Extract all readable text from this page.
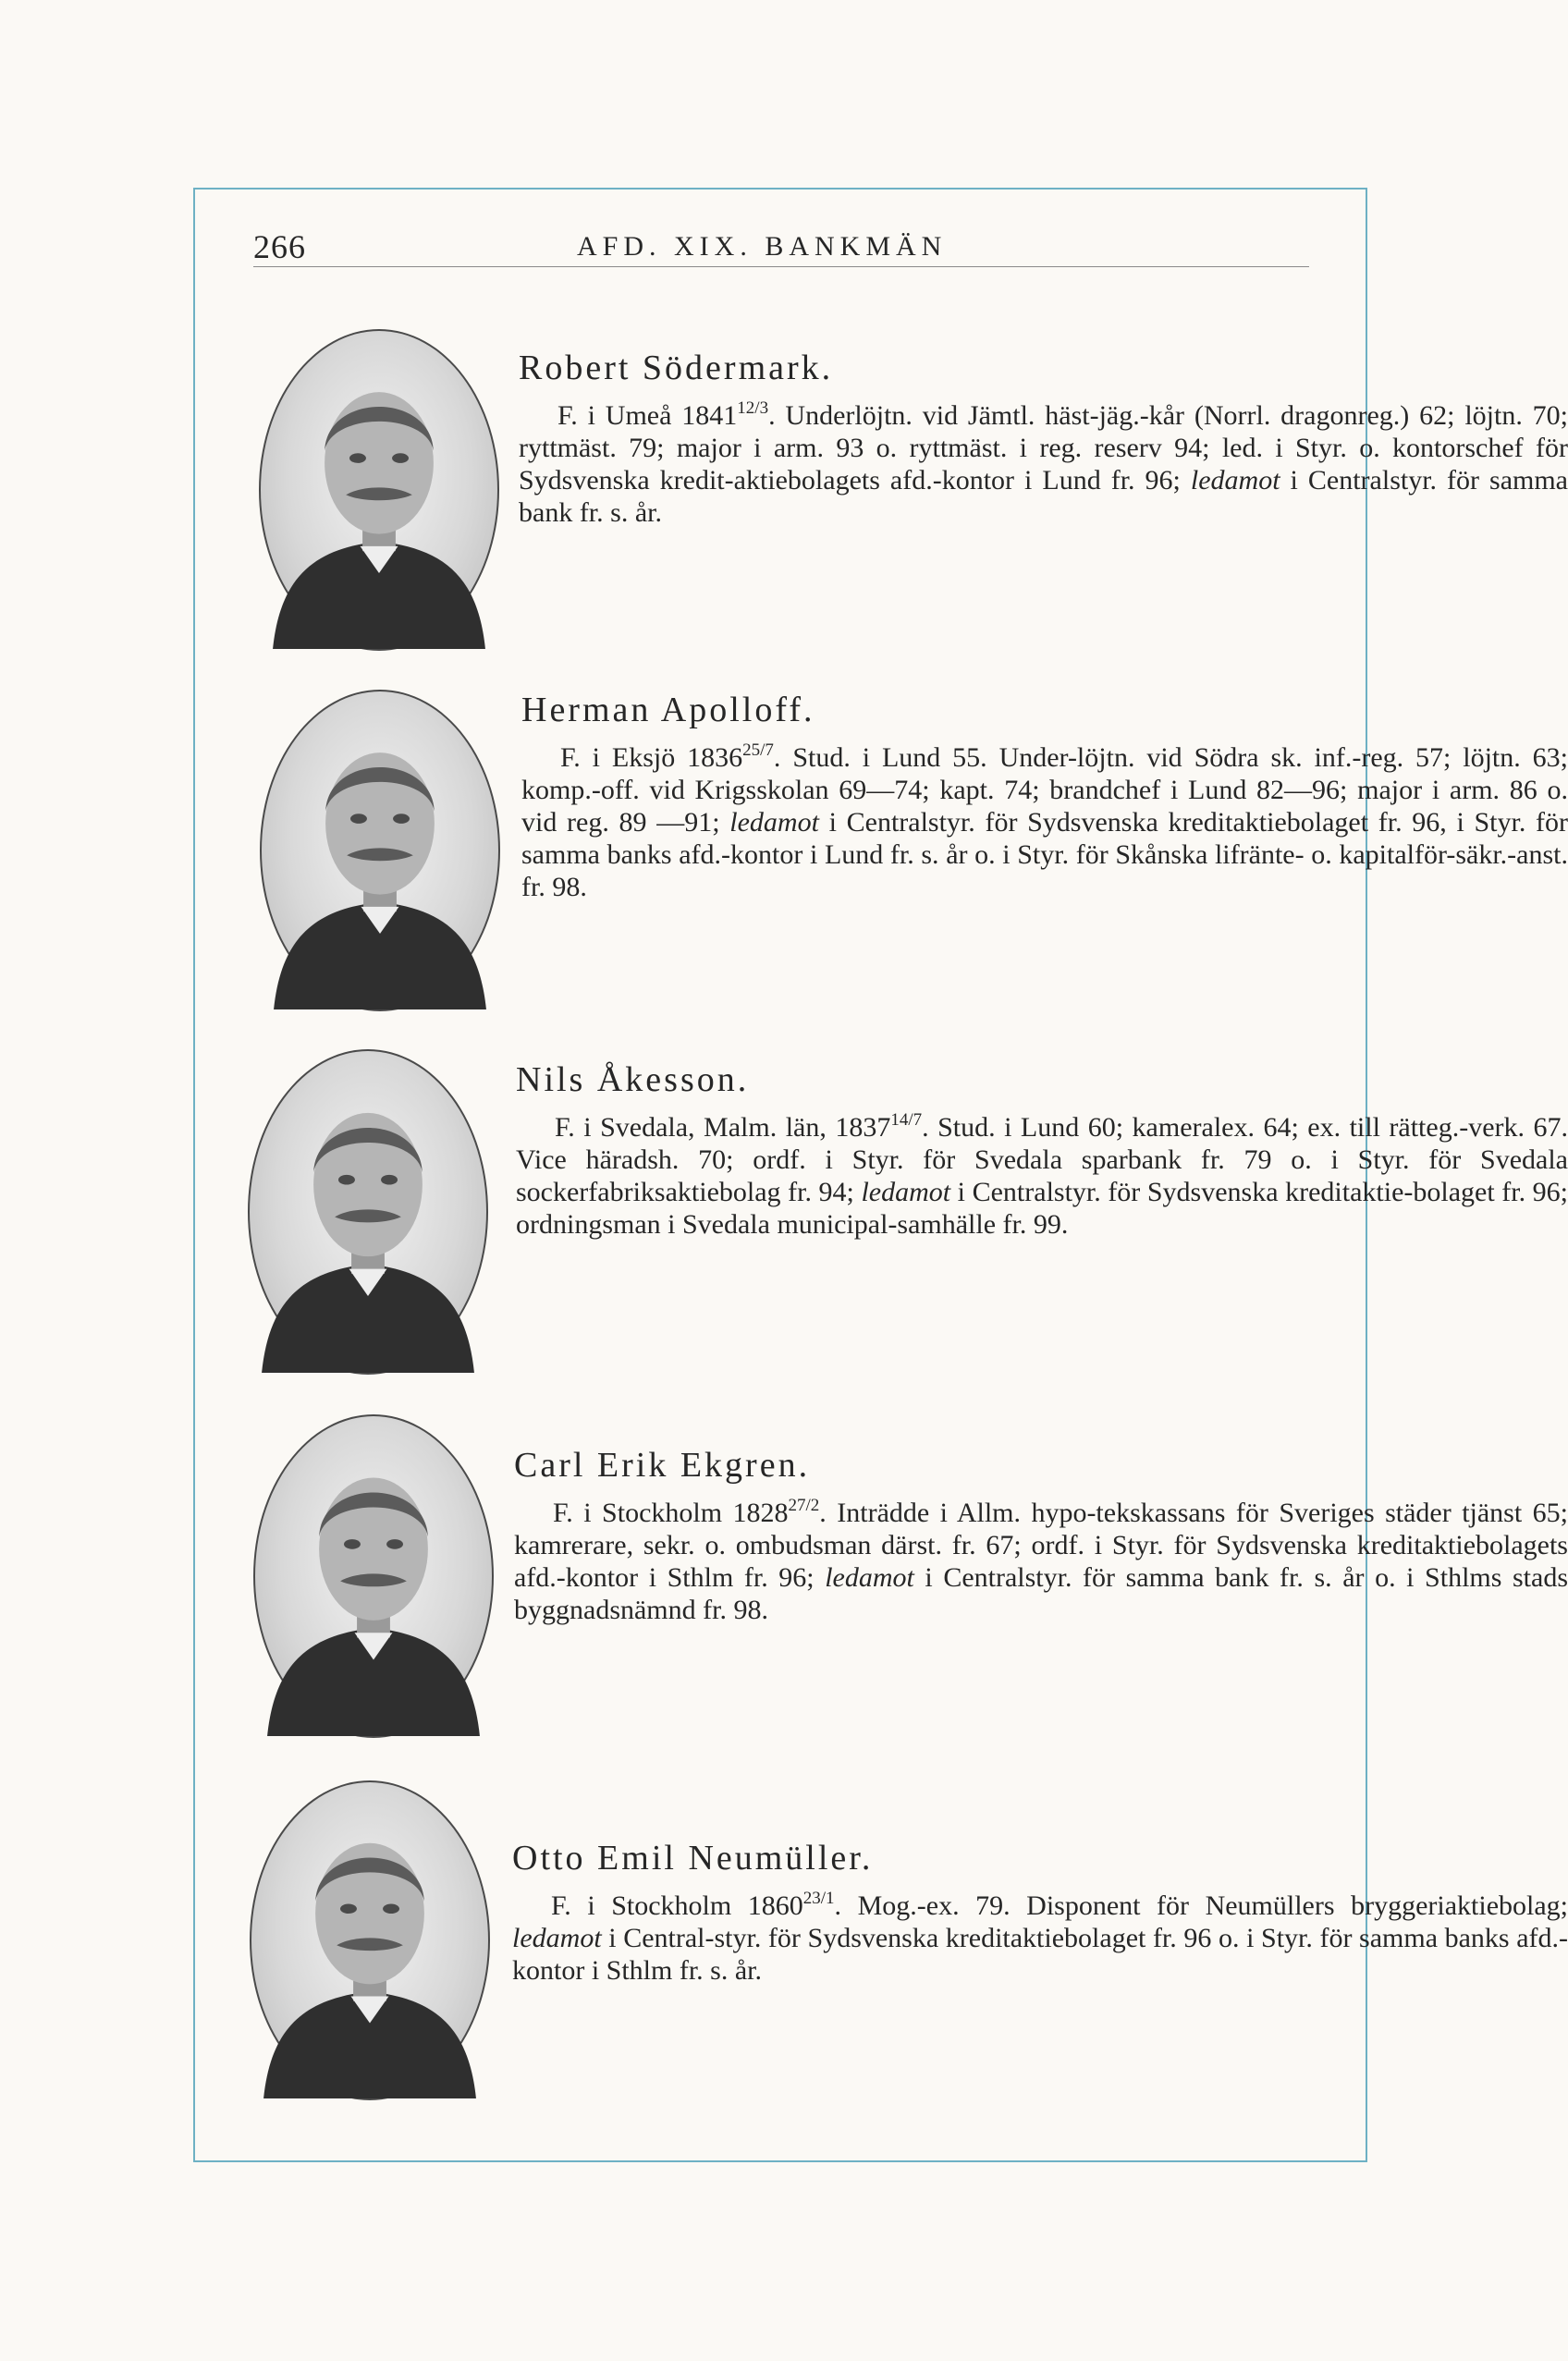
266	AFD. XIX. BANKMÄN
Robert Södermark.

F. i Umeå $1841^{12/3}$. Underlöjtn. vid Jämtl. häst-jäg.-kår (Norrl. dragonreg.) 62; löjtn. 70; ryttmäst. 79; major i arm. 93 o. ryttmäst. i reg. reserv 94; led. i Styr. o. kontorschef för Sydsvenska kredit-aktiebolagets afd.-kontor i Lund fr. 96; ledamot i Centralstyr. för samma bank fr. s. år.

Herman Apolloff.

F. i Eksjö $1836^{25/7}$. Stud. i Lund 55. Under-löjtn. vid Södra sk. inf.-reg. 57; löjtn. 63; komp.-off. vid Krigsskolan 69—74; kapt. 74; brandchef i Lund 82—96; major i arm. 86 o. vid reg. 89 —91; ledamot i Centralstyr. för Sydsvenska kreditaktiebolaget fr. 96, i Styr. för samma banks afd.-kontor i Lund fr. s. år o. i Styr. för Skånska lifränte- o. kapitalför-säkr.-anst. fr. 98.

Nils Åkesson.

F. i Svedala, Malm. län, $1837^{14/7}$. Stud. i Lund 60; kameralex. 64; ex. till rätteg.-verk. 67. Vice häradsh. 70; ordf. i Styr. för Svedala sparbank fr. 79 o. i Styr. för Svedala sockerfabriksaktiebolag fr. 94; ledamot i Centralstyr. för Sydsvenska kreditaktie-bolaget fr. 96; ordningsman i Svedala municipal-samhälle fr. 99.

Carl Erik Ekgren.

F. i Stockholm $1828^{27/2}$. Inträdde i Allm. hypo-tekskassans för Sveriges städer tjänst 65; kamrerare, sekr. o. ombudsman därst. fr. 67; ordf. i Styr. för Sydsvenska kreditaktiebolagets afd.-kontor i Sthlm fr. 96; ledamot i Centralstyr. för samma bank fr. s. år o. i Sthlms stads byggnadsnämnd fr. 98.

Otto Emil Neumüller.

F. i Stockholm $1860^{23/1}$. Mog.-ex. 79. Disponent för Neumüllers bryggeriaktiebolag; ledamot i Central-styr. för Sydsvenska kreditaktiebolaget fr. 96 o. i Styr. för samma banks afd.-kontor i Sthlm fr. s. år.
